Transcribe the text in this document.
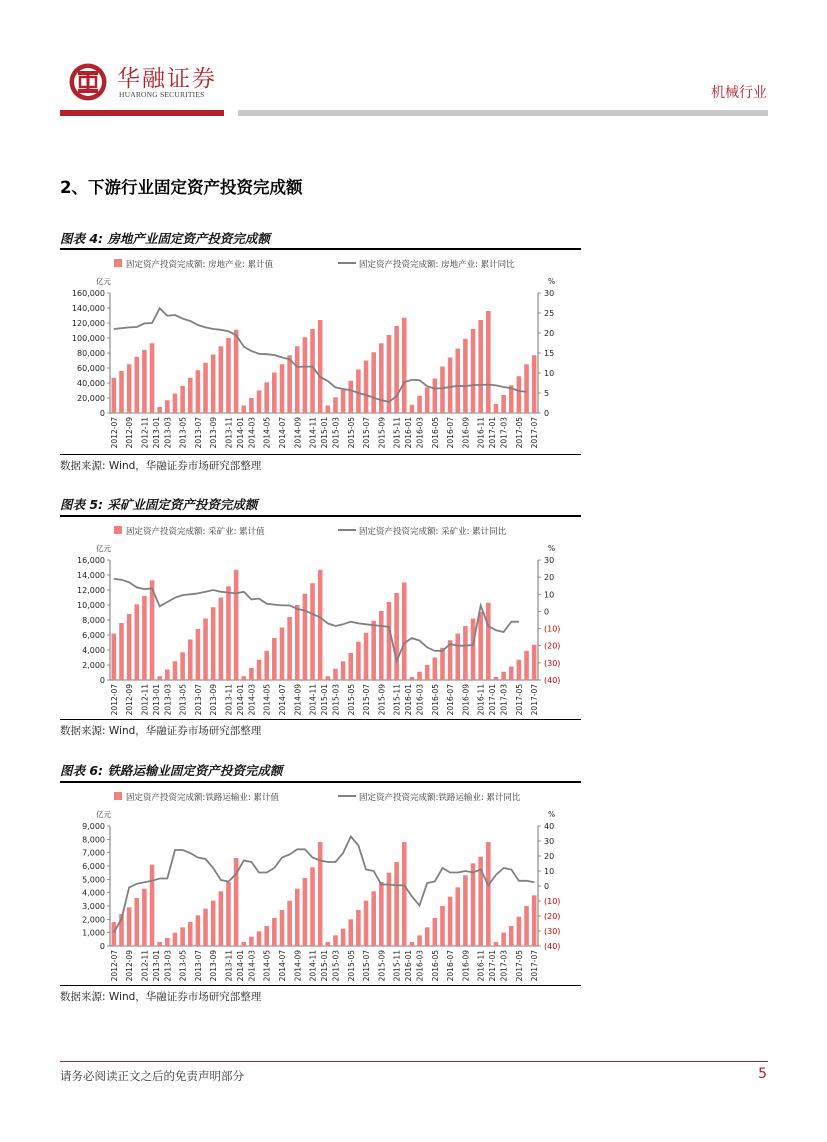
华融证券
HUARONG SECURITIES	机械行业
2、下游行业固定资产投资完成额
图表 4: 房地产业固定资产投资完成额
固定资产投资完成额: 房地产业: 累计值	固定资产投资完成额: 房地产业: 累计同比
亿元	%
0
20,000
40,000
60,000
80,000
100,000
120,000
140,000
160,000
0
5
10
15
20
25
30
2012-07 2012-09 2012-11 2013-01 2013-03 2013-05 2013-07 2013-09 2013-11 2014-01 2014-03 2014-05 2014-07 2014-09 2014-11 2015-01 2015-03 2015-05 2015-07 2015-09 2015-11 2016-01 2016-03 2016-05 2016-07 2016-09 2016-11 2017-01 2017-03 2017-05 2017-07
数据来源: Wind，华融证券市场研究部整理
图表 5: 采矿业固定资产投资完成额
固定资产投资完成额: 采矿业: 累计值	固定资产投资完成额: 采矿业: 累计同比
亿元	%
0
2,000
4,000
6,000
8,000
10,000
12,000
14,000
16,000
(40)
(30)
(20)
(10)
0
10
20
30
2012-07 2012-09 2012-11 2013-01 2013-03 2013-05 2013-07 2013-09 2013-11 2014-01 2014-03 2014-05 2014-07 2014-09 2014-11 2015-01 2015-03 2015-05 2015-07 2015-09 2015-11 2016-01 2016-03 2016-05 2016-07 2016-09 2016-11 2017-01 2017-03 2017-05 2017-07
数据来源: Wind，华融证券市场研究部整理
图表 6: 铁路运输业固定资产投资完成额
固定资产投资完成额:铁路运输业: 累计值	固定资产投资完成额:铁路运输业: 累计同比
亿元	%
0
1,000
2,000
3,000
4,000
5,000
6,000
7,000
8,000
9,000
(40)
(30)
(20)
(10)
0
10
20
30
40
2012-07 2012-09 2012-11 2013-01 2013-03 2013-05 2013-07 2013-09 2013-11 2014-01 2014-03 2014-05 2014-07 2014-09 2014-11 2015-01 2015-03 2015-05 2015-07 2015-09 2015-11 2016-01 2016-03 2016-05 2016-07 2016-09 2016-11 2017-01 2017-03 2017-05 2017-07
数据来源: Wind，华融证券市场研究部整理
请务必阅读正文之后的免责声明部分	5
